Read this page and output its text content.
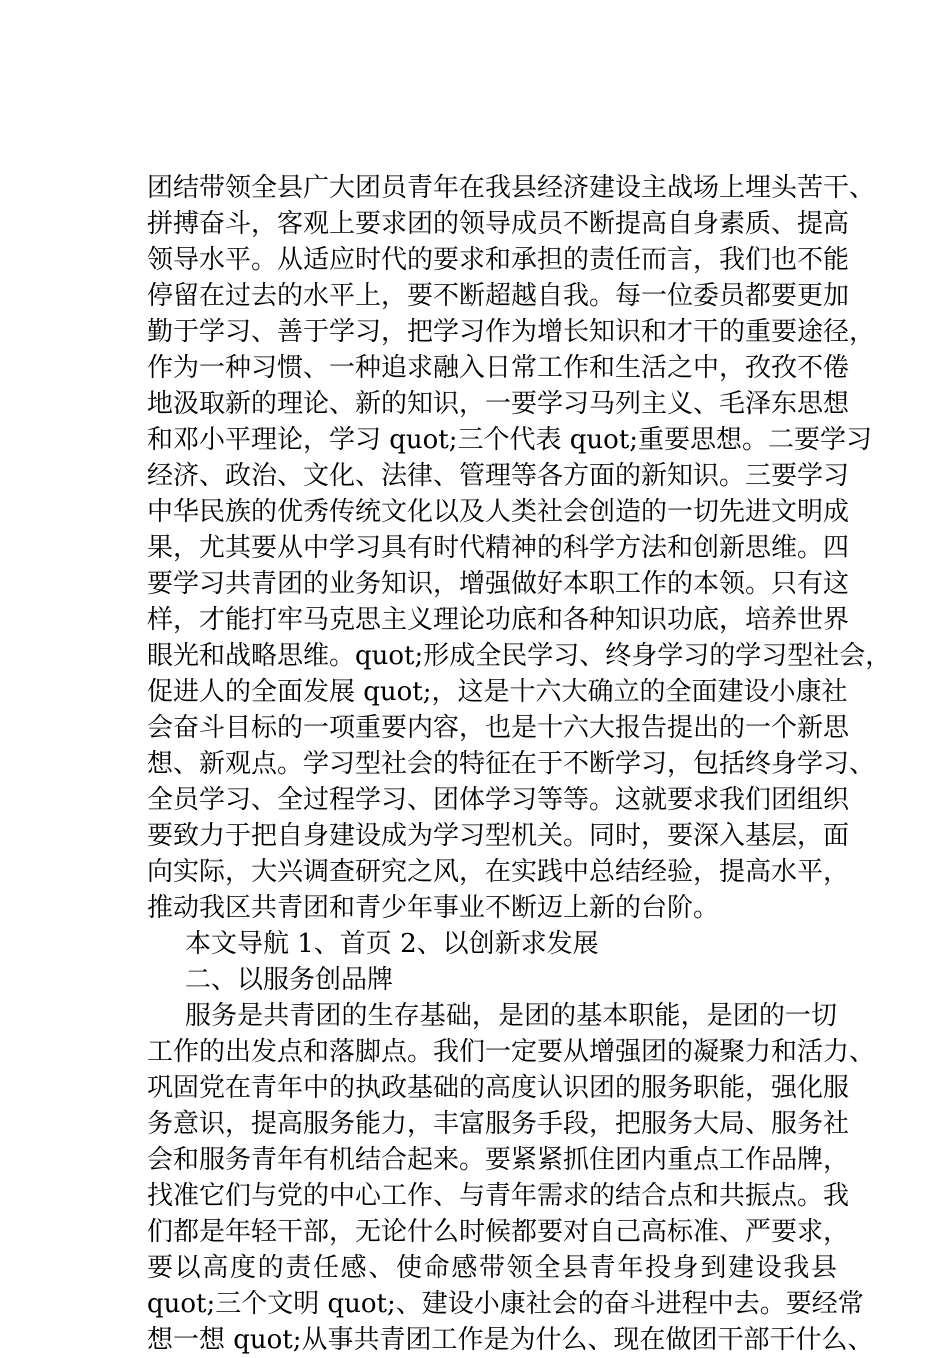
团结带领全县广大团员青年在我县经济建设主战场上埋头苦干、
拼搏奋斗，客观上要求团的领导成员不断提高自身素质、提高
领导水平。从适应时代的要求和承担的责任而言，我们也不能
停留在过去的水平上，要不断超越自我。每一位委员都要更加
勤于学习、善于学习，把学习作为增长知识和才干的重要途径，
作为一种习惯、一种追求融入日常工作和生活之中，孜孜不倦
地汲取新的理论、新的知识，一要学习马列主义、毛泽东思想
和邓小平理论，学习 quot;三个代表 quot;重要思想。二要学习
经济、政治、文化、法律、管理等各方面的新知识。三要学习
中华民族的优秀传统文化以及人类社会创造的一切先进文明成
果，尤其要从中学习具有时代精神的科学方法和创新思维。四
要学习共青团的业务知识，增强做好本职工作的本领。只有这
样，才能打牢马克思主义理论功底和各种知识功底，培养世界
眼光和战略思维。quot;形成全民学习、终身学习的学习型社会，
促进人的全面发展 quot;，这是十六大确立的全面建设小康社
会奋斗目标的一项重要内容，也是十六大报告提出的一个新思
想、新观点。学习型社会的特征在于不断学习，包括终身学习、
全员学习、全过程学习、团体学习等等。这就要求我们团组织
要致力于把自身建设成为学习型机关。同时，要深入基层，面
向实际，大兴调查研究之风，在实践中总结经验，提高水平，
推动我区共青团和青少年事业不断迈上新的台阶。
本文导航 1、首页 2、以创新求发展
二、以服务创品牌
服务是共青团的生存基础，是团的基本职能，是团的一切
工作的出发点和落脚点。我们一定要从增强团的凝聚力和活力、
巩固党在青年中的执政基础的高度认识团的服务职能，强化服
务意识，提高服务能力，丰富服务手段，把服务大局、服务社
会和服务青年有机结合起来。要紧紧抓住团内重点工作品牌，
找准它们与党的中心工作、与青年需求的结合点和共振点。我
们都是年轻干部，无论什么时候都要对自己高标准、严要求，
要以高度的责任感、使命感带领全县青年投身到建设我县
quot;三个文明 quot;、建设小康社会的奋斗进程中去。要经常
想一想 quot;从事共青团工作是为什么、现在做团干部干什么、
